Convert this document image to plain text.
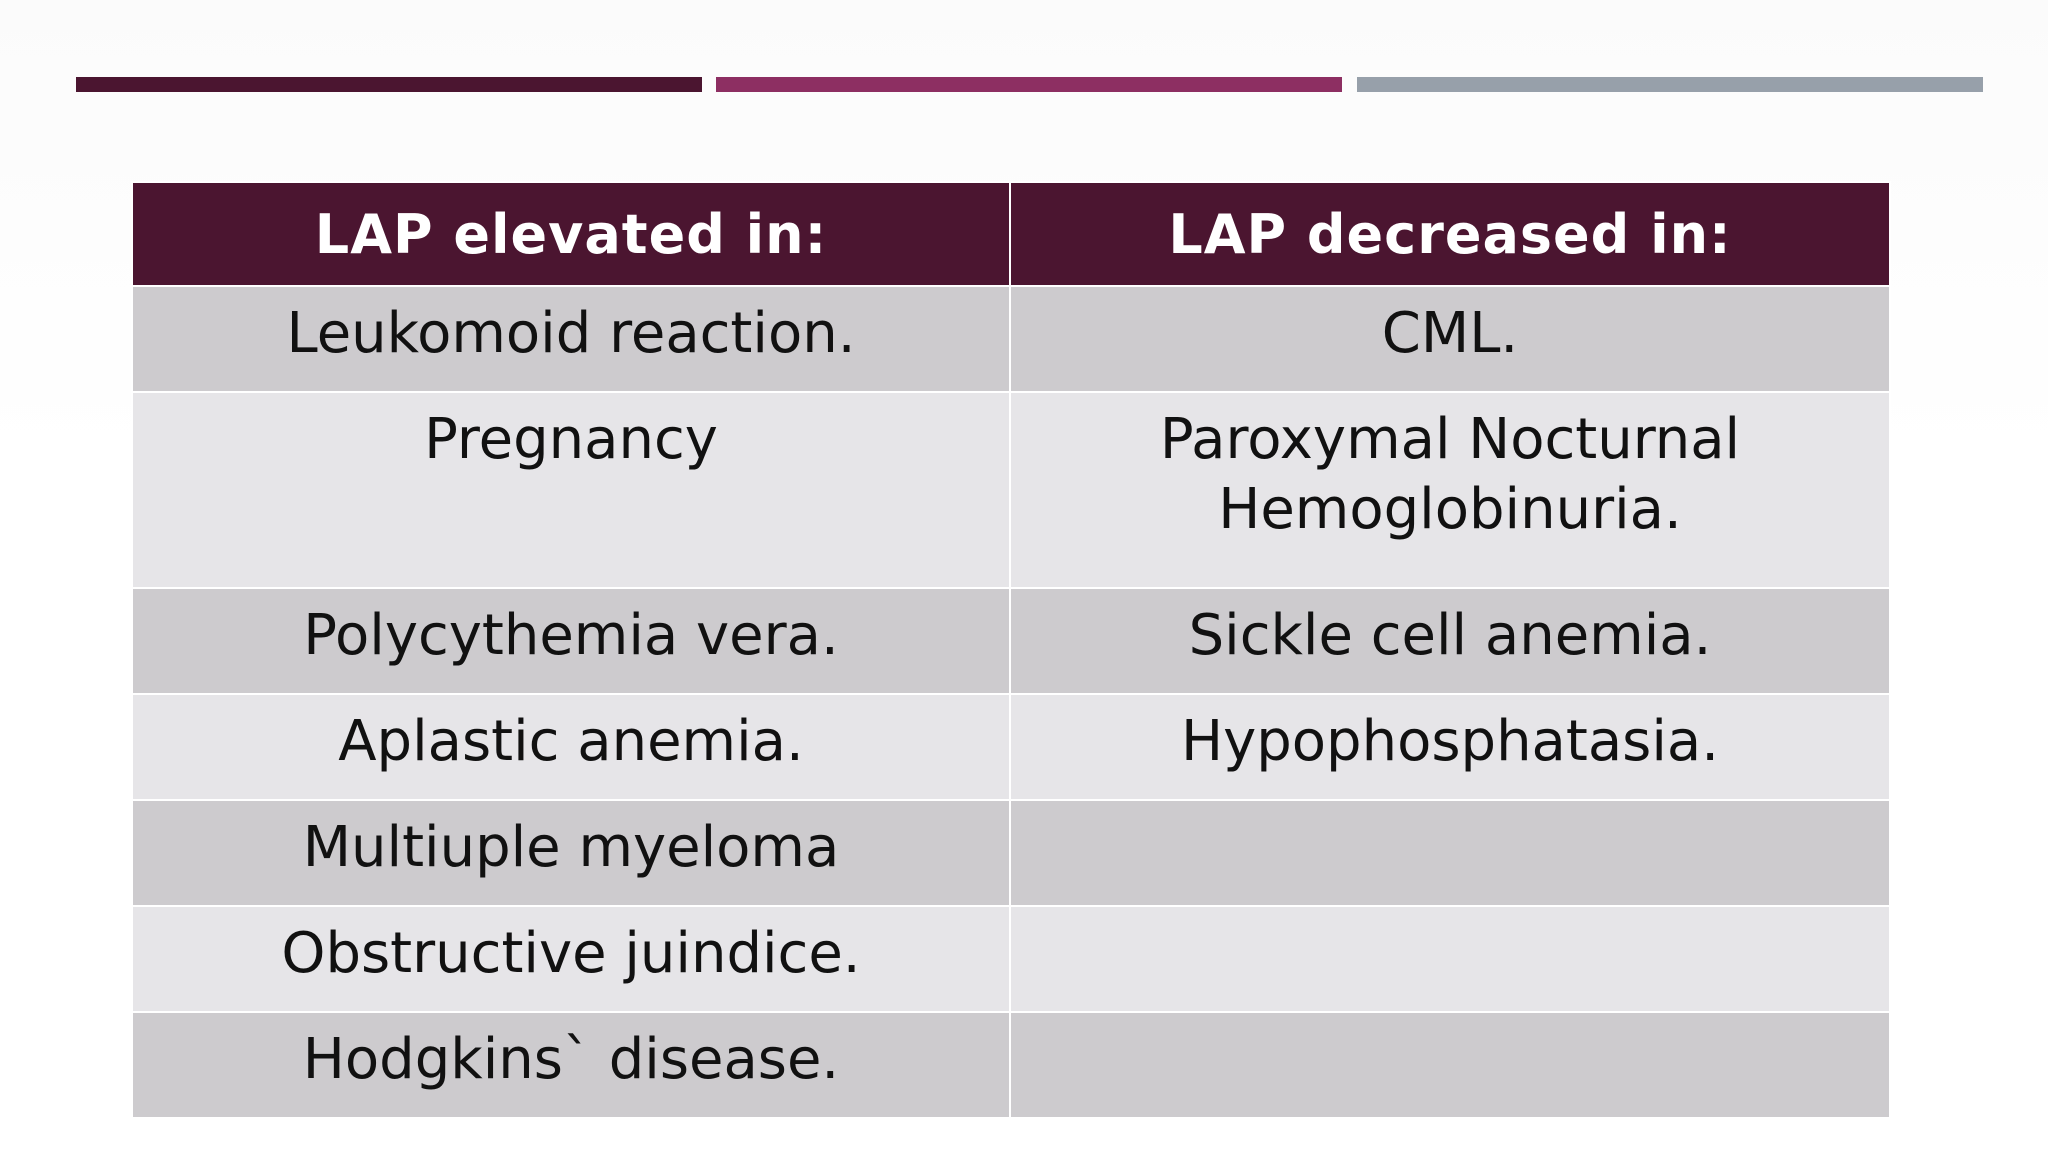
LAP elevated in:	LAP decreased in:
Leukomoid reaction.	CML.
Pregnancy	Paroxymal Nocturnal Hemoglobinuria.
Polycythemia vera.	Sickle cell anemia.
Aplastic anemia.	Hypophosphatasia.
Multiuple myeloma	
Obstructive juindice.	
Hodgkins` disease.	
